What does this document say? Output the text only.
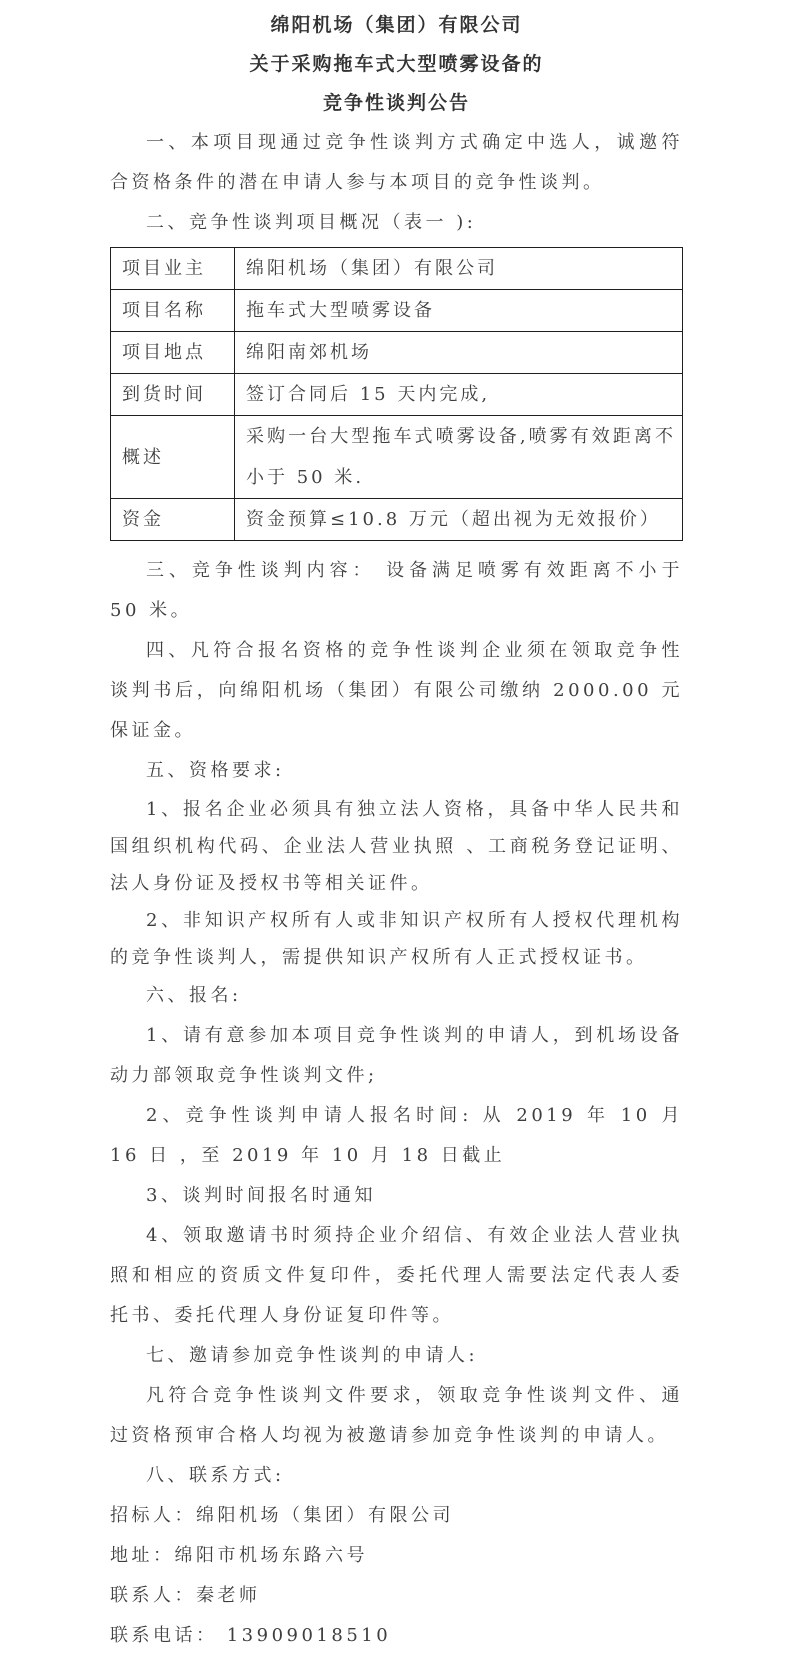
绵阳机场（集团）有限公司
关于采购拖车式大型喷雾设备的
竞争性谈判公告

一、本项目现通过竞争性谈判方式确定中选人，诚邀符合资格条件的潜在申请人参与本项目的竞争性谈判。

二、竞争性谈判项目概况（表一 ):

项目业主	绵阳机场（集团）有限公司
项目名称	拖车式大型喷雾设备
项目地点	绵阳南郊机场
到货时间	签订合同后 15 天内完成,
概述	采购一台大型拖车式喷雾设备,喷雾有效距离不小于 50 米.
资金	资金预算≤10.8 万元（超出视为无效报价）

三、竞争性谈判内容： 设备满足喷雾有效距离不小于 50 米。

四、凡符合报名资格的竞争性谈判企业须在领取竞争性谈判书后，向绵阳机场（集团）有限公司缴纳 2000.00 元保证金。

五、资格要求:

1、报名企业必须具有独立法人资格，具备中华人民共和国组织机构代码、企业法人营业执照 、工商税务登记证明、法人身份证及授权书等相关证件。

2、非知识产权所有人或非知识产权所有人授权代理机构的竞争性谈判人，需提供知识产权所有人正式授权证书。

六、报名:

1、请有意参加本项目竞争性谈判的申请人，到机场设备动力部领取竞争性谈判文件;

2、竞争性谈判申请人报名时间: 从 2019 年 10 月 16 日 ，至 2019 年 10 月 18 日截止

3、谈判时间报名时通知

4、领取邀请书时须持企业介绍信、有效企业法人营业执照和相应的资质文件复印件，委托代理人需要法定代表人委托书、委托代理人身份证复印件等。

七、邀请参加竞争性谈判的申请人:

凡符合竞争性谈判文件要求，领取竞争性谈判文件、通过资格预审合格人均视为被邀请参加竞争性谈判的申请人。

八、联系方式:

招标人：绵阳机场（集团）有限公司

地址：绵阳市机场东路六号

联系人：秦老师

联系电话： 13909018510
